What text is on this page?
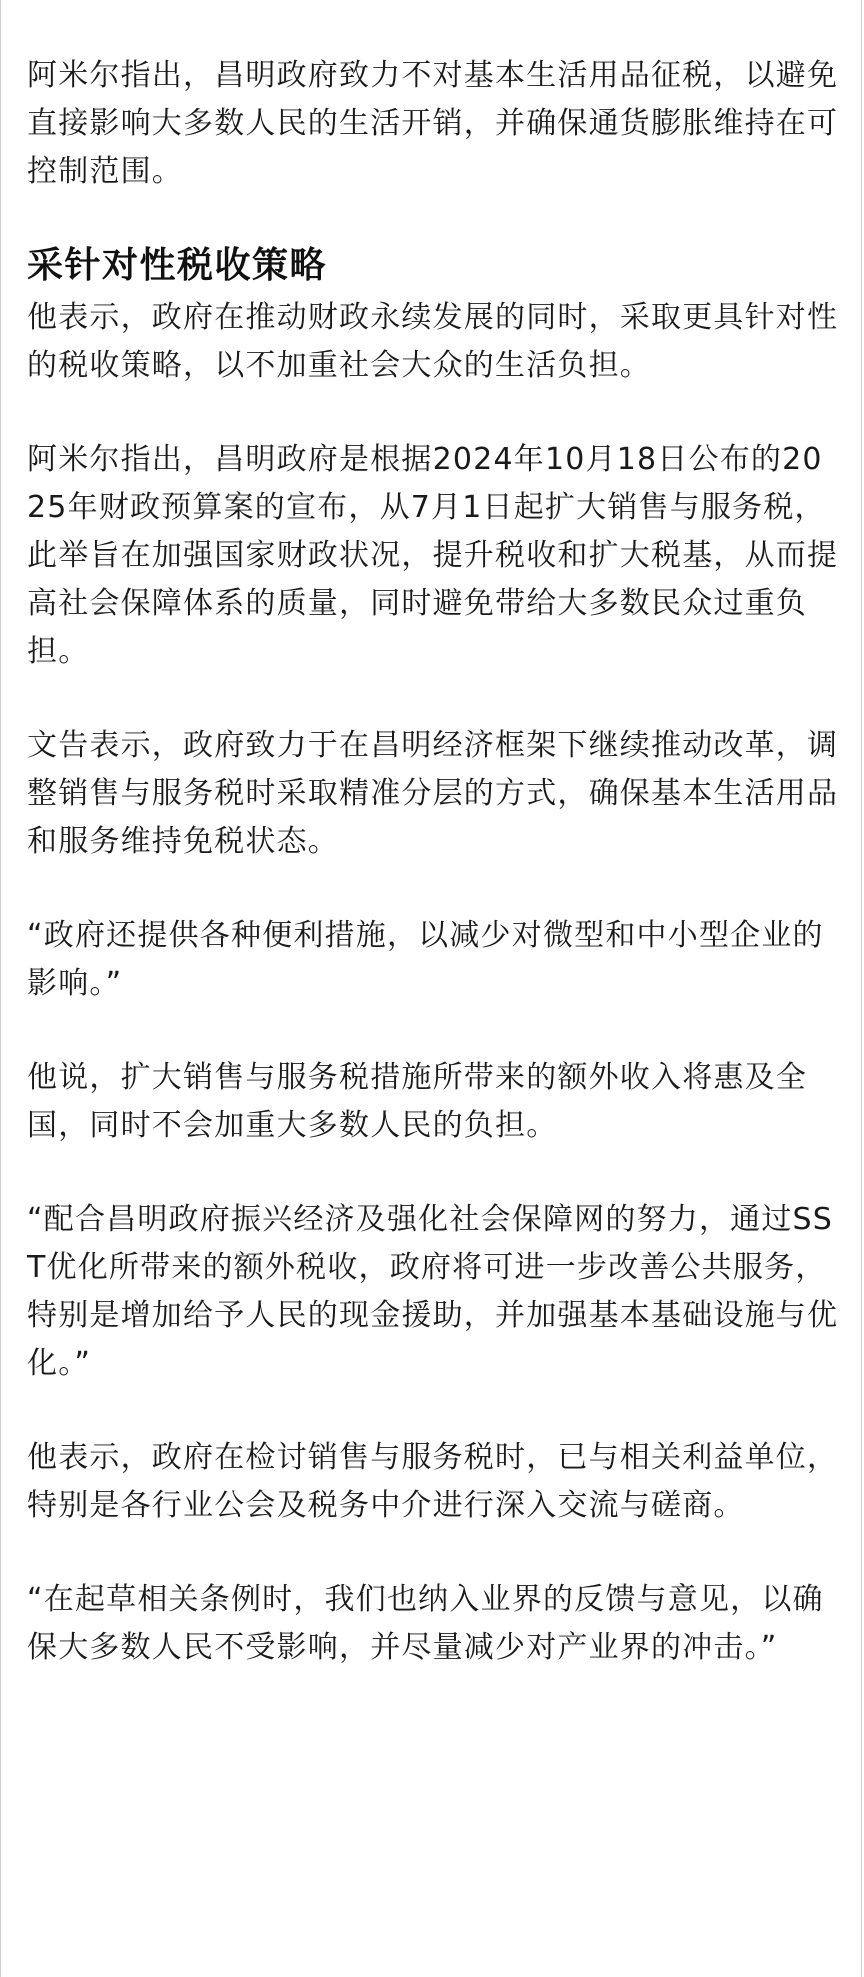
阿米尔指出，昌明政府致力不对基本生活用品征税，以避免直接影响大多数人民的生活开销，并确保通货膨胀维持在可控制范围。

采针对性税收策略

他表示，政府在推动财政永续发展的同时，采取更具针对性的税收策略，以不加重社会大众的生活负担。

阿米尔指出，昌明政府是根据2024年10月18日公布的2025年财政预算案的宣布，从7月1日起扩大销售与服务税，此举旨在加强国家财政状况，提升税收和扩大税基，从而提高社会保障体系的质量，同时避免带给大多数民众过重负担。

文告表示，政府致力于在昌明经济框架下继续推动改革，调整销售与服务税时采取精准分层的方式，确保基本生活用品和服务维持免税状态。

“政府还提供各种便利措施，以减少对微型和中小型企业的影响。”

他说，扩大销售与服务税措施所带来的额外收入将惠及全国，同时不会加重大多数人民的负担。

“配合昌明政府振兴经济及强化社会保障网的努力，通过SST优化所带来的额外税收，政府将可进一步改善公共服务，特别是增加给予人民的现金援助，并加强基本基础设施与优化。”

他表示，政府在检讨销售与服务税时，已与相关利益单位，特别是各行业公会及税务中介进行深入交流与磋商。

“在起草相关条例时，我们也纳入业界的反馈与意见，以确保大多数人民不受影响，并尽量减少对产业界的冲击。”
